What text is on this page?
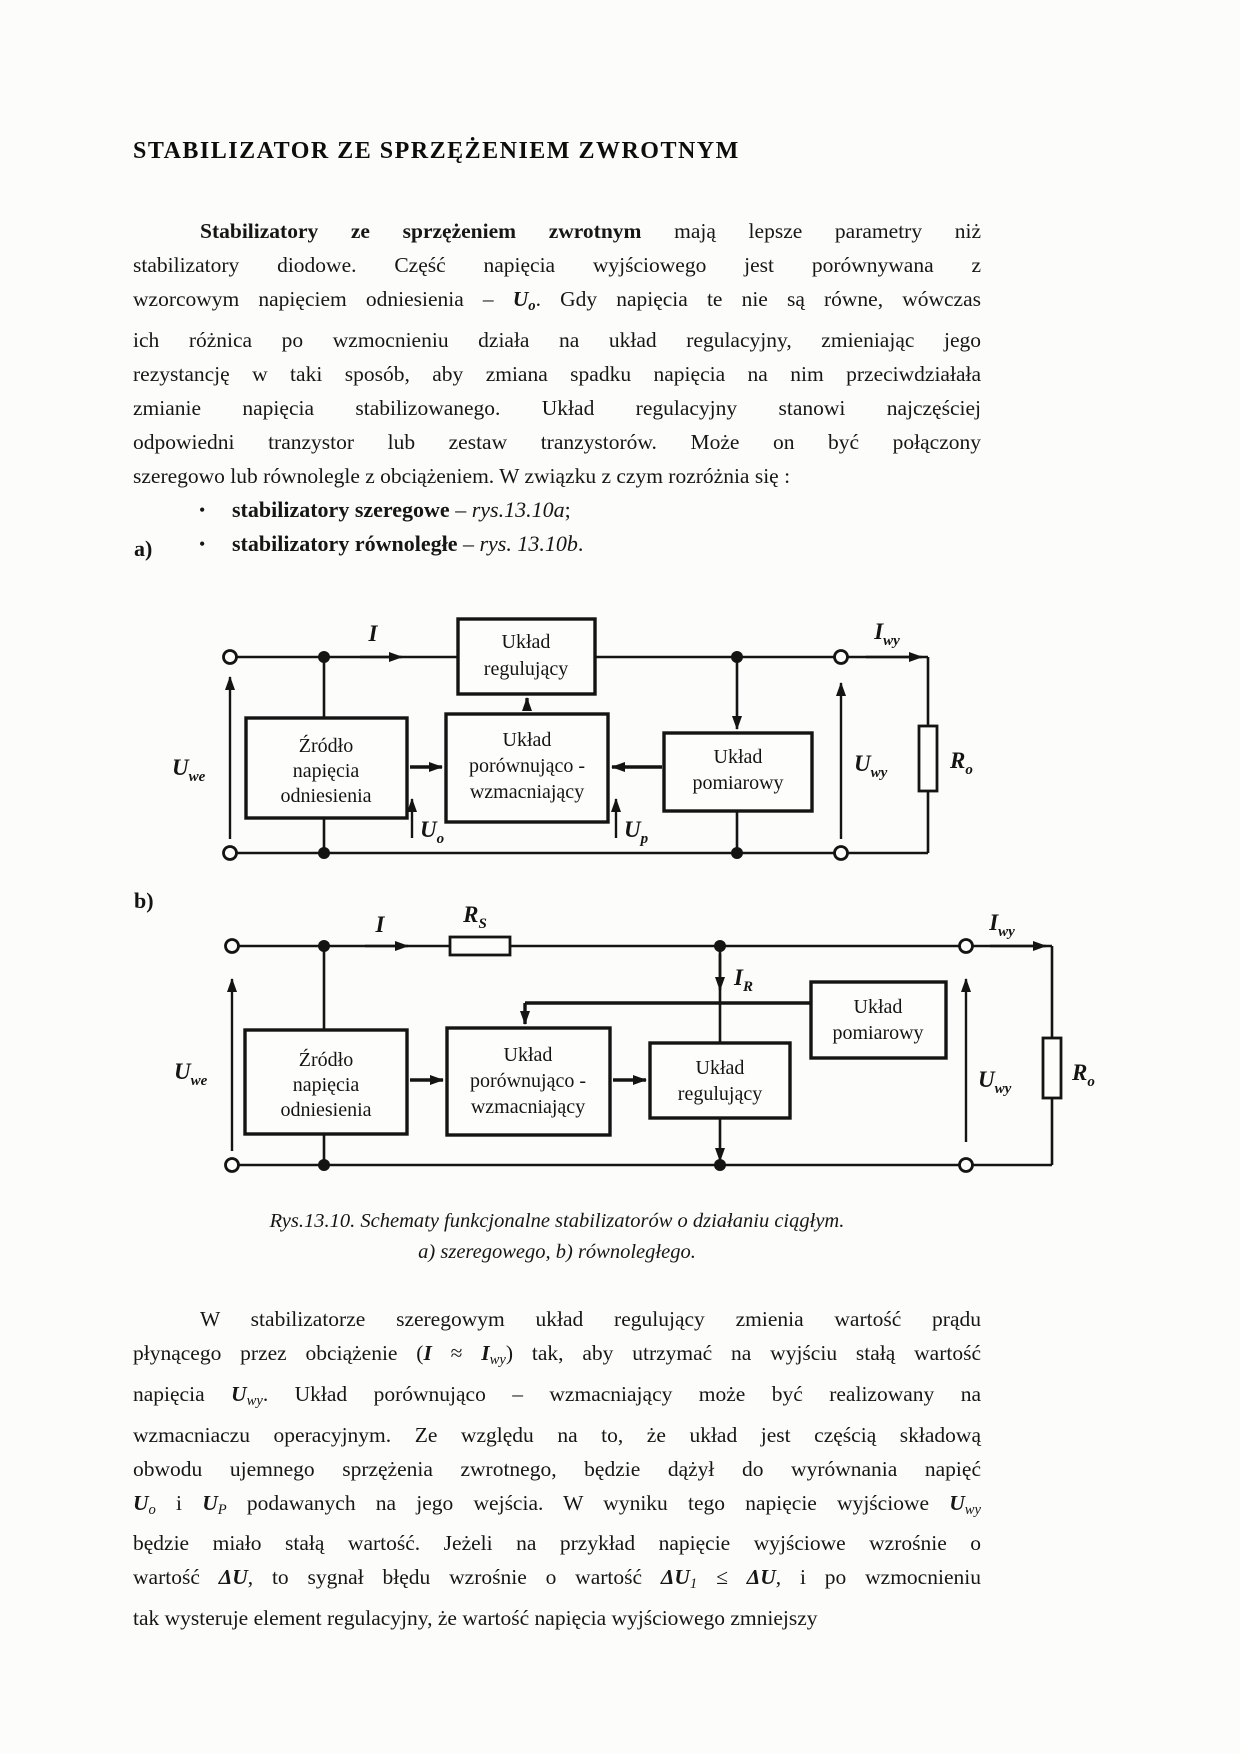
STABILIZATOR ZE SPRZĘŻENIEM ZWROTNYM
Stabilizatory ze sprzężeniem zwrotnym mają lepsze parametry niż
stabilizatory diodowe. Część napięcia wyjściowego jest porównywana z
wzorcowym napięciem odniesienia – $U_o$. Gdy napięcia te nie są równe, wówczas
ich różnica po wzmocnieniu działa na układ regulacyjny, zmieniając jego
rezystancję w taki sposób, aby zmiana spadku napięcia na nim przeciwdziałała
zmianie napięcia stabilizowanego. Układ regulacyjny stanowi najczęściej
odpowiedni tranzystor lub zestaw tranzystorów. Może on być połączony
szeregowo lub równolegle z obciążeniem. W związku z czym rozróżnia się :
• stabilizatory szeregowe – rys.13.10a;
• stabilizatory równoległe – rys. 13.10b.
a)
Układ
regulujący
Źródło
napięcia
odniesienia
Układ
porównująco -
wzmacniający
Układ
pomiarowy
I	$I_{wy}$
$U_{we}$
$U_o$	$U_p$
$U_{wy}$	$R_o$
b)
Źródło
napięcia
odniesienia
Układ
porównująco -
wzmacniający
Układ
regulujący
Układ
pomiarowy
I	$R_S$
$I_R$
$I_{wy}$
$U_{we}$	$U_{wy}$
$R_o$
Rys.13.10. Schematy funkcjonalne stabilizatorów o działaniu ciągłym.
a) szeregowego, b) równoległego.
W stabilizatorze szeregowym układ regulujący zmienia wartość prądu
płynącego przez obciążenie $(I \approx I_{wy})$ tak, aby utrzymać na wyjściu stałą wartość
napięcia $U_{wy}$. Układ porównująco – wzmacniający może być realizowany na
wzmacniaczu operacyjnym. Ze względu na to, że układ jest częścią składową
obwodu ujemnego sprzężenia zwrotnego, będzie dążył do wyrównania napięć
$U_o$ i $U_P$ podawanych na jego wejścia. W wyniku tego napięcie wyjściowe $U_{wy}$
będzie miało stałą wartość. Jeżeli na przykład napięcie wyjściowe wzrośnie o
wartość ΔU, to sygnał błędu wzrośnie o wartość $\Delta U_1 \le \Delta U$, i po wzmocnieniu
tak wysteruje element regulacyjny, że wartość napięcia wyjściowego zmniejszy
